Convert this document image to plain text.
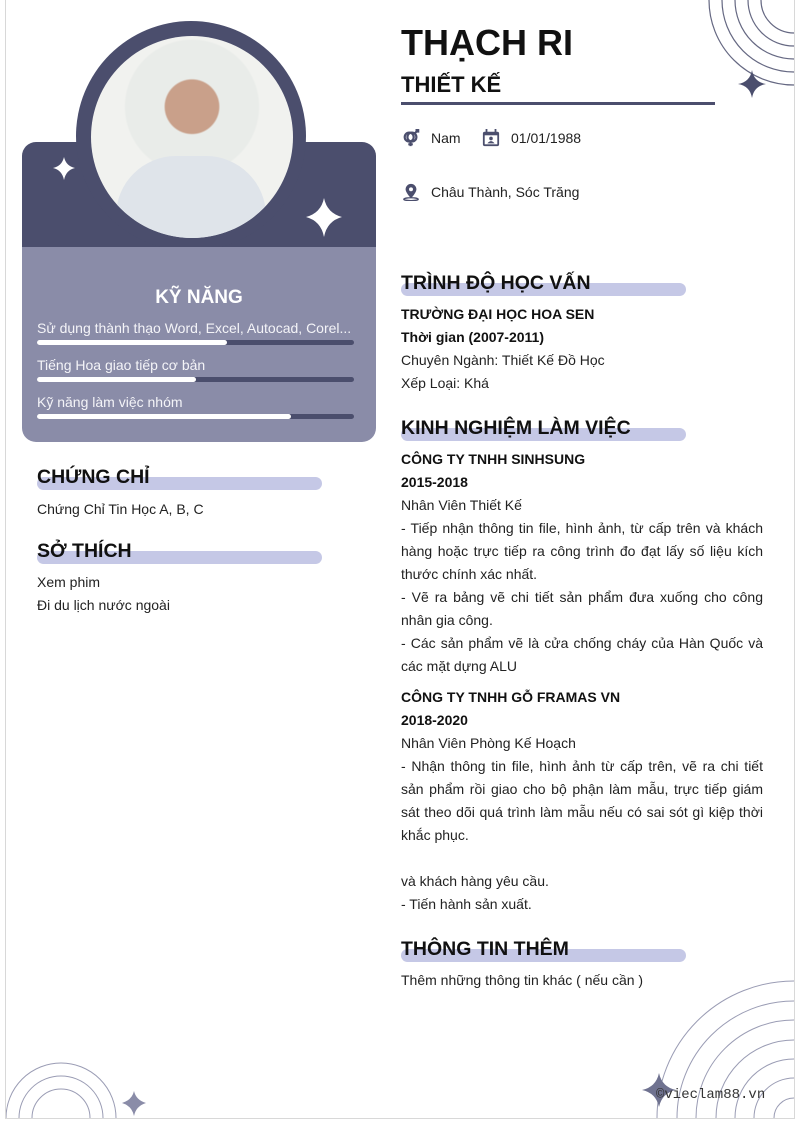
KỸ NĂNG
Sử dụng thành thạo Word, Excel, Autocad, Corel...
Tiếng Hoa giao tiếp cơ bản
Kỹ năng làm việc nhóm
CHỨNG CHỈ
Chứng Chỉ Tin Học A, B, C
SỞ THÍCH
Xem phim
Đi du lịch nước ngoài
THẠCH RI
THIẾT KẾ
Nam	01/01/1988
Châu Thành, Sóc Trăng
TRÌNH ĐỘ HỌC VẤN
TRƯỜNG ĐẠI HỌC HOA SEN
Thời gian (2007-2011)
Chuyên Ngành: Thiết Kế Đồ Học
Xếp Loại: Khá
KINH NGHIỆM LÀM VIỆC
CÔNG TY TNHH SINHSUNG
2015-2018
Nhân Viên Thiết Kế
- Tiếp nhận thông tin file, hình ảnh, từ cấp trên và khách hàng hoặc trực tiếp ra công trình đo đạt lấy số liệu kích thước chính xác nhất.
- Vẽ ra bảng vẽ chi tiết sản phẩm đưa xuống cho công nhân gia công.
- Các sản phẩm vẽ là cửa chống cháy của Hàn Quốc và các mặt dựng ALU
CÔNG TY TNHH GỖ FRAMAS VN
2018-2020
Nhân Viên Phòng Kế Hoạch
- Nhận thông tin file, hình ảnh từ cấp trên, vẽ ra chi tiết sản phẩm rồi giao cho bộ phận làm mẫu, trực tiếp giám sát theo dõi quá trình làm mẫu nếu có sai sót gì kiệp thời khắc phục.
và khách hàng yêu cầu.
- Tiến hành sản xuất.
THÔNG TIN THÊM
Thêm những thông tin khác ( nếu cần )
©vieclam88.vn
